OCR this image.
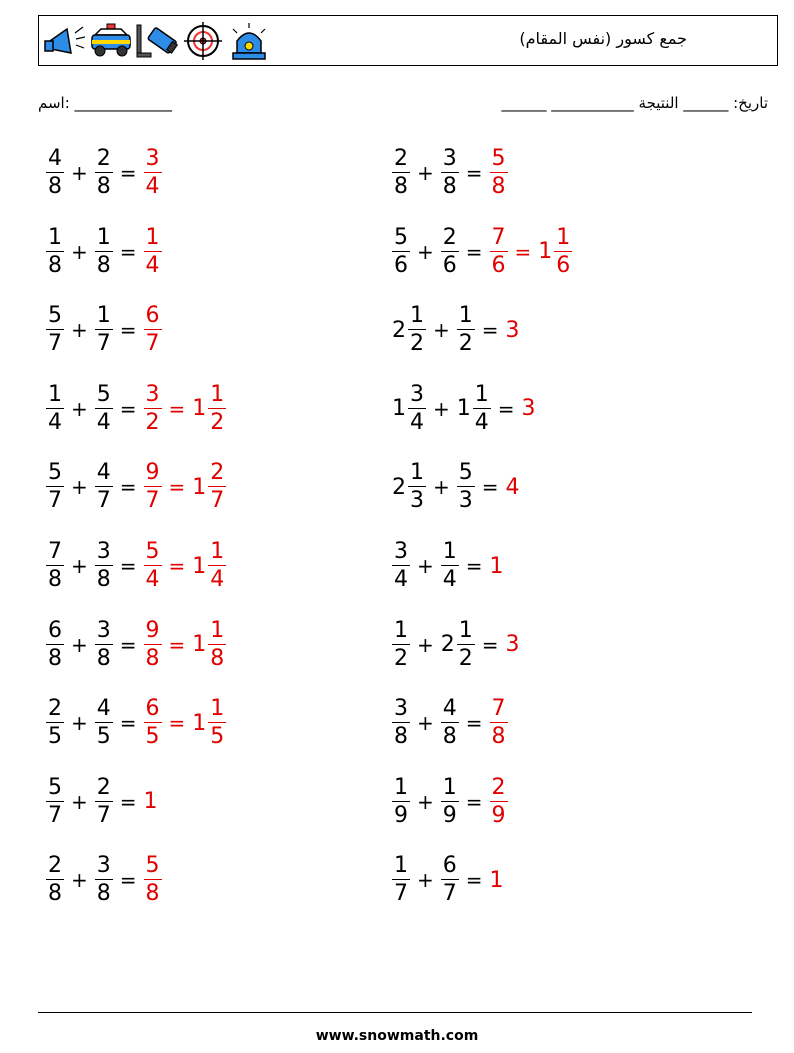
جمع كسور (نفس المقام)
اسم: _____________	تاريخ: ______ النتيجة ___________ ______
$\frac{4}{8} + \frac{2}{8} = \frac{3}{4}$	$\frac{2}{8} + \frac{3}{8} = \frac{5}{8}$
$\frac{1}{8} + \frac{1}{8} = \frac{1}{4}$	$\frac{5}{6} + \frac{2}{6} = \frac{7}{6} = 1 \frac{1}{6}$
$\frac{5}{7} + \frac{1}{7} = \frac{6}{7}$	$2 \frac{1}{2} + \frac{1}{2} = 3$
$\frac{1}{4} + \frac{5}{4} = \frac{3}{2} = 1 \frac{1}{2}$	$1 \frac{3}{4} + 1 \frac{1}{4} = 3$
$\frac{5}{7} + \frac{4}{7} = \frac{9}{7} = 1 \frac{2}{7}$	$2 \frac{1}{3} + \frac{5}{3} = 4$
$\frac{7}{8} + \frac{3}{8} = \frac{5}{4} = 1 \frac{1}{4}$	$\frac{3}{4} + \frac{1}{4} = 1$
$\frac{6}{8} + \frac{3}{8} = \frac{9}{8} = 1 \frac{1}{8}$	$\frac{1}{2} + 2 \frac{1}{2} = 3$
$\frac{2}{5} + \frac{4}{5} = \frac{6}{5} = 1 \frac{1}{5}$	$\frac{3}{8} + \frac{4}{8} = \frac{7}{8}$
$\frac{5}{7} + \frac{2}{7} = 1$	$\frac{1}{9} + \frac{1}{9} = \frac{2}{9}$
$\frac{2}{8} + \frac{3}{8} = \frac{5}{8}$	$\frac{1}{7} + \frac{6}{7} = 1$
www.snowmath.com
